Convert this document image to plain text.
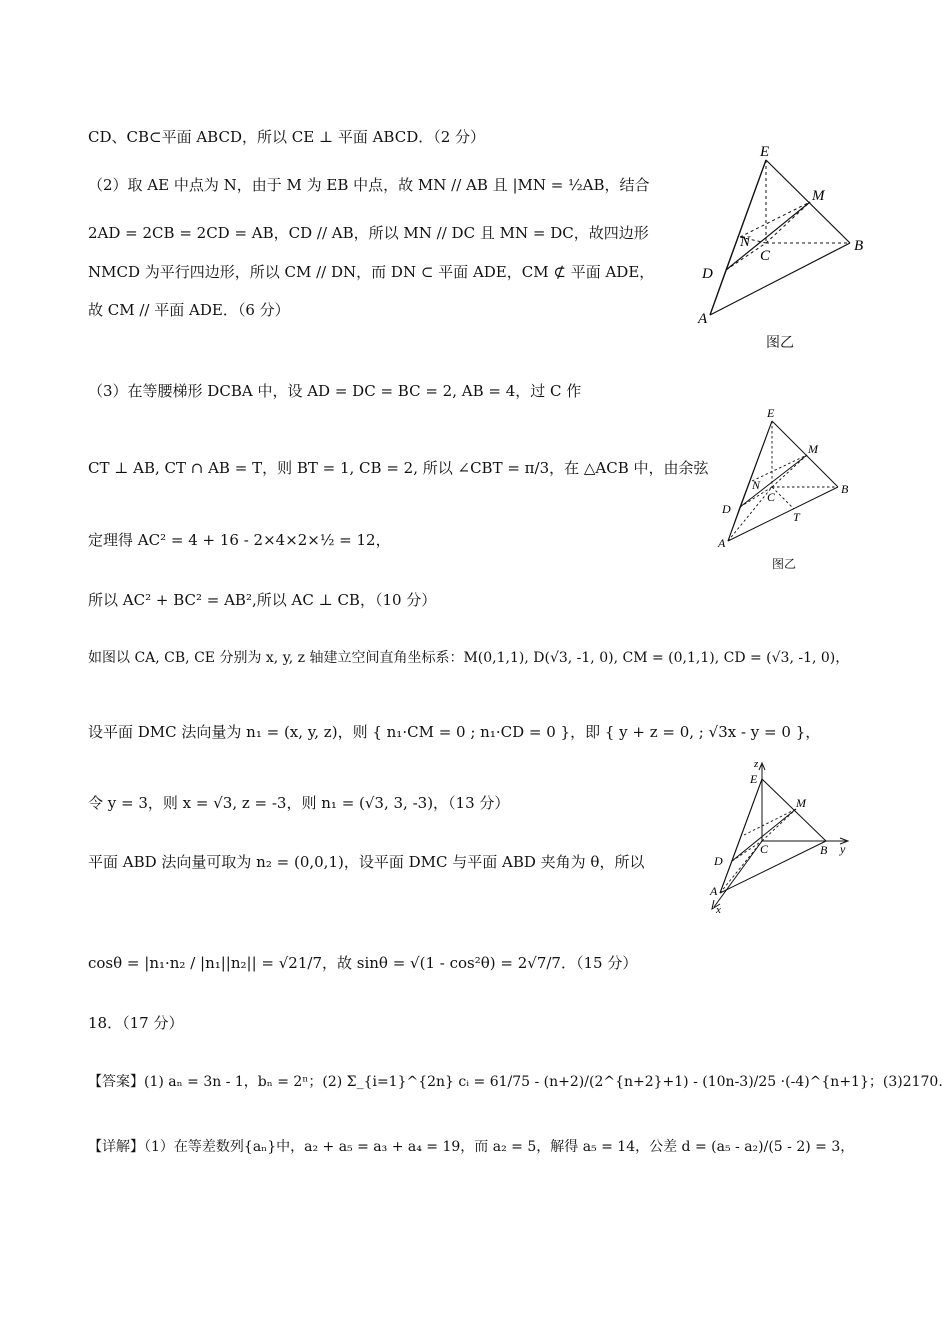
CD、CB⊂平面 ABCD，所以 CE ⊥ 平面 ABCD．（2 分）
（2）取 AE 中点为 N，由于 M 为 EB 中点，故 MN // AB 且 |MN = ½AB，结合
2AD = 2CB = 2CD = AB，CD // AB，所以 MN // DC 且 MN = DC，故四边形
NMCD 为平行四边形，所以 CM // DN，而 DN ⊂ 平面 ADE，CM ⊄ 平面 ADE，
故 CM // 平面 ADE．（6 分）
（3）在等腰梯形 DCBA 中，设 AD = DC = BC = 2, AB = 4，过 C 作
CT ⊥ AB, CT ∩ AB = T，则 BT = 1, CB = 2, 所以 ∠CBT = π/3，在 △ACB 中，由余弦
定理得 AC² = 4 + 16 - 2×4×2×½ = 12，
所以 AC² + BC² = AB²,所以 AC ⊥ CB，（10 分）
如图以 CA, CB, CE 分别为 x, y, z 轴建立空间直角坐标系：M(0,1,1), D(√3, -1, 0), CM = (0,1,1), CD = (√3, -1, 0)，
设平面 DMC 法向量为 n₁ = (x, y, z)，则 { n₁·CM = 0 ; n₁·CD = 0 }，即 { y + z = 0, ; √3x - y = 0 }，
令 y = 3，则 x = √3, z = -3，则 n₁ = (√3, 3, -3)，（13 分）
平面 ABD 法向量可取为 n₂ = (0,0,1)，设平面 DMC 与平面 ABD 夹角为 θ，所以
cosθ = |n₁·n₂ / |n₁||n₂|| = √21/7，故 sinθ = √(1 - cos²θ) = 2√7/7．（15 分）
18．（17 分）
【答案】(1) aₙ = 3n - 1，bₙ = 2ⁿ；(2) Σ_{i=1}^{2n} cᵢ = 61/75 - (n+2)/(2^{n+2}+1) - (10n-3)/25 ·(-4)^{n+1}；(3)2170.
【详解】（1）在等差数列{aₙ}中，a₂ + a₅ = a₃ + a₄ = 19，而 a₂ = 5，解得 a₅ = 14，公差 d = (a₅ - a₂)/(5 - 2) = 3，
E
M
N
C
B
D
A
图乙
E
M
N
C
B
D
T
A
图乙
z
E
M
C	B y
D
A
x
